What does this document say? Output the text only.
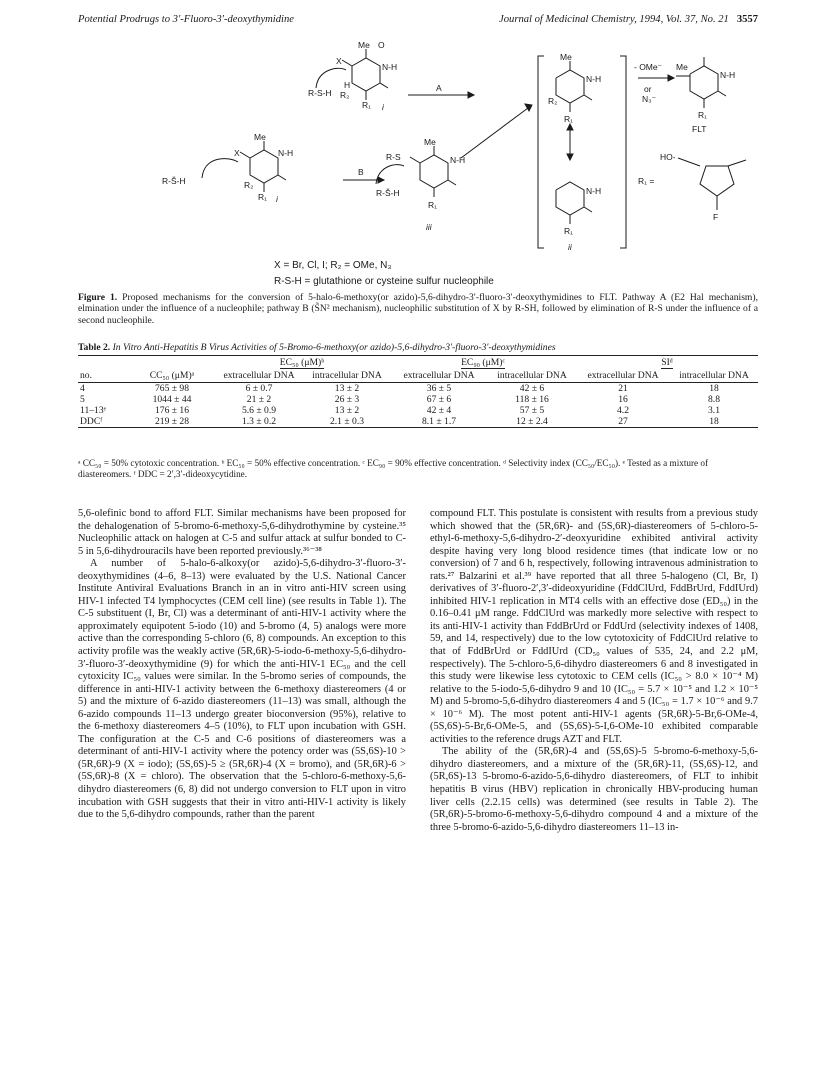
Potential Prodrugs to 3′-Fluoro-3′-deoxythymidine	Journal of Medicinal Chemistry, 1994, Vol. 37, No. 21 3557
Me O
N-H
X
R-S-H
H
R₂
R₁ i
A
Me
N-H
X
R-Š-H	R₂
R₁ i
B
Me
R-S	N-H
R-Š-H
R₁
iii
Me
N-H
R₂
R₁
N-H
R₁
ii
- OMe⁻
or
N₃⁻
Me
N-H
R₁
FLT
R₁ =
HO-
F
X = Br, Cl, I; R₂ = OMe, N₃
R-S-H = glutathione or cysteine sulfur nucleophile
Figure 1. Proposed mechanisms for the conversion of 5-halo-6-methoxy(or azido)-5,6-dihydro-3′-fluoro-3′-deoxythymidines to FLT. Pathway A (E2 Hal mechanism), elmination under the influence of a nucleophile; pathway B (S̃N² mechanism), nucleophilic substitution of X by R-SH, followed by elimination of R-S under the influence of a second nucleophile.
Table 2. In Vitro Anti-Hepatitis B Virus Activities of 5-Bromo-6-methoxy(or azido)-5,6-dihydro-3′-fluoro-3′-deoxythymidines
		EC₅₀ (μM)ᵇ		EC₉₀ (μM)ᶜ		SIᵈ	
no.	CC₅₀ (μM)ᵃ	extracellular DNA	intracellular DNA	extracellular DNA	intracellular DNA	extracellular DNA	intracellular DNA
4	765 ± 98	6 ± 0.7	13 ± 2	36 ± 5	42 ± 6	21	18
5	1044 ± 44	21 ± 2	26 ± 3	67 ± 6	118 ± 16	16	8.8
11–13ᵉ	176 ± 16	5.6 ± 0.9	13 ± 2	42 ± 4	57 ± 5	4.2	3.1
DDCᶠ	219 ± 28	1.3 ± 0.2	2.1 ± 0.3	8.1 ± 1.7	12 ± 2.4	27	18
ᵃ CC₅₀ = 50% cytotoxic concentration. ᵇ EC₅₀ = 50% effective concentration. ᶜ EC₉₀ = 90% effective concentration. ᵈ Selectivity index (CC₅₀/EC₅₀). ᵉ Tested as a mixture of diastereomers. ᶠ DDC = 2′,3′-dideoxycytidine.

5,6-olefinic bond to afford FLT. Similar mechanisms have been proposed for the dehalogenation of 5-bromo-6-methoxy-5,6-dihydrothymine by cysteine.³⁵ Nucleophilic attack on halogen at C-5 and sulfur attack at sulfur bonded to C-5 in 5,6-dihydrouracils have been reported previously.³⁶⁻³⁸

A number of 5-halo-6-alkoxy(or azido)-5,6-dihydro-3′-fluoro-3′-deoxythymidines (4–6, 8–13) were evaluated by the U.S. National Cancer Institute Antiviral Evaluations Branch in an in vitro anti-HIV screen using HIV-1 infected T4 lymphocyctes (CEM cell line) (see results in Table 1). The C-5 substituent (I, Br, Cl) was a determinant of anti-HIV-1 activity where the approximately equipotent 5-iodo (10) and 5-bromo (4, 5) analogs were more active than the corresponding 5-chloro (6, 8) compounds. An exception to this activity profile was the weakly active (5R,6R)-5-iodo-6-methoxy-5,6-dihydro-3′-fluoro-3′-deoxythymidine (9) for which the anti-HIV-1 EC₅₀ and the cell cytoxicity IC₅₀ values were similar. In the 5-bromo series of compounds, the difference in anti-HIV-1 activity between the 6-methoxy diastereomers (4 or 5) and the mixture of 6-azido diastereomers (11–13) was small, although the 6-azido compounds 11–13 undergo greater bioconversion (95%), relative to the 6-methoxy diastereomers 4–5 (10%), to FLT upon incubation with GSH. The configuration at the C-5 and C-6 positions of diastereomers was a determinant of anti-HIV-1 activity where the potency order was (5S,6S)-10 > (5R,6R)-9 (X = iodo); (5S,6S)-5 ≥ (5R,6R)-4 (X = bromo), and (5R,6R)-6 > (5S,6R)-8 (X = chloro). The observation that the 5-chloro-6-methoxy-5,6-dihydro diastereomers (6, 8) did not undergo conversion to FLT upon in vitro incubation with GSH suggests that their in vitro anti-HIV-1 activity is likely due to the 5,6-dihydro compounds, rather than the parent

compound FLT. This postulate is consistent with results from a previous study which showed that the (5R,6R)- and (5S,6R)-diastereomers of 5-chloro-5-ethyl-6-methoxy-5,6-dihydro-2′-deoxyuridine exhibited antiviral activity despite having very long blood residence times (that indicate low or no conversion) of 7 and 6 h, respectively, following intravenous administration to rats.²⁷ Balzarini et al.³⁹ have reported that all three 5-halogeno (Cl, Br, I) derivatives of 3′-fluoro-2′,3′-dideoxyuridine (FddClUrd, FddBrUrd, FddIUrd) inhibited HIV-1 replication in MT4 cells with an effective dose (ED₅₀) in the 0.16–0.41 μM range. FddClUrd was markedly more selective with respect to its anti-HIV-1 activity than FddBrUrd or FddUrd (selectivity indexes of 1408, 59, and 14, respectively) due to the low cytotoxicity of FddClUrd relative to that of FddBrUrd or FddIUrd (CD₅₀ values of 535, 24, and 2.2 μM, respectively). The 5-chloro-5,6-dihydro diastereomers 6 and 8 investigated in this study were likewise less cytotoxic to CEM cells (IC₅₀ > 8.0 × 10⁻⁴ M) relative to the 5-iodo-5,6-dihydro 9 and 10 (IC₅₀ = 5.7 × 10⁻⁵ and 1.2 × 10⁻⁵ M) and 5-bromo-5,6-dihydro diastereomers 4 and 5 (IC₅₀ = 1.7 × 10⁻⁶ and 9.7 × 10⁻⁶ M). The most potent anti-HIV-1 agents (5R,6R)-5-Br,6-OMe-4, (5S,6S)-5-Br,6-OMe-5, and (5S,6S)-5-I,6-OMe-10 exhibited comparable activities to the reference drugs AZT and FLT.

The ability of the (5R,6R)-4 and (5S,6S)-5 5-bromo-6-methoxy-5,6-dihydro diastereomers, and a mixture of the (5R,6R)-11, (5S,6S)-12, and (5R,6S)-13 5-bromo-6-azido-5,6-dihydro diastereomers, of FLT to inhibit hepatitis B virus (HBV) replication in chronically HBV-producing human liver cells (2.2.15 cells) was determined (see results in Table 2). The (5R,6R)-5-bromo-6-methoxy-5,6-dihydro compound 4 and a mixture of the three 5-bromo-6-azido-5,6-dihydro diastereomers 11–13 in-
